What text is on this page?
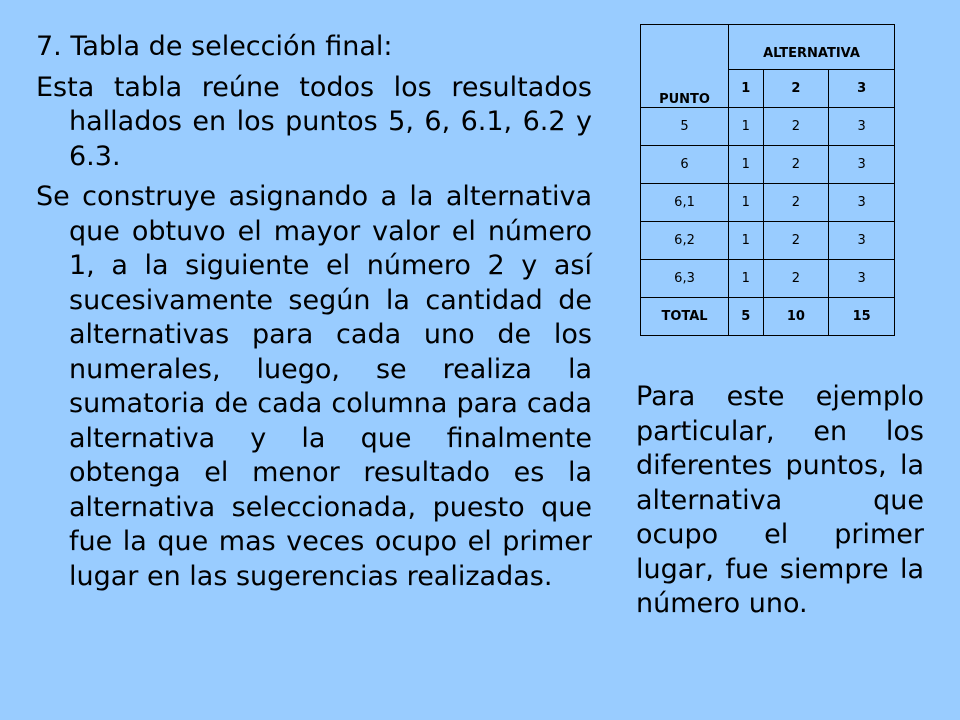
7. Tabla de selección final:

Esta tabla reúne todos los resultados hallados en los puntos 5, 6, 6.1, 6.2 y 6.3.

Se construye asignando a la alternativa que obtuvo el mayor valor el número 1, a la siguiente el número 2 y así sucesivamente según la cantidad de alternativas para cada uno de los numerales, luego, se realiza la sumatoria de cada columna para cada alternativa y la que finalmente obtenga el menor resultado es la alternativa seleccionada, puesto que fue la que mas veces ocupo el primer lugar en las sugerencias realizadas.

PUNTO	ALTERNATIVA		
	1	2	3
5	1	2	3
6	1	2	3
6,1	1	2	3
6,2	1	2	3
6,3	1	2	3
TOTAL	5	10	15

Para este ejemplo particular, en los diferentes puntos, la alternativa que ocupo el primer lugar, fue siempre la número uno.
